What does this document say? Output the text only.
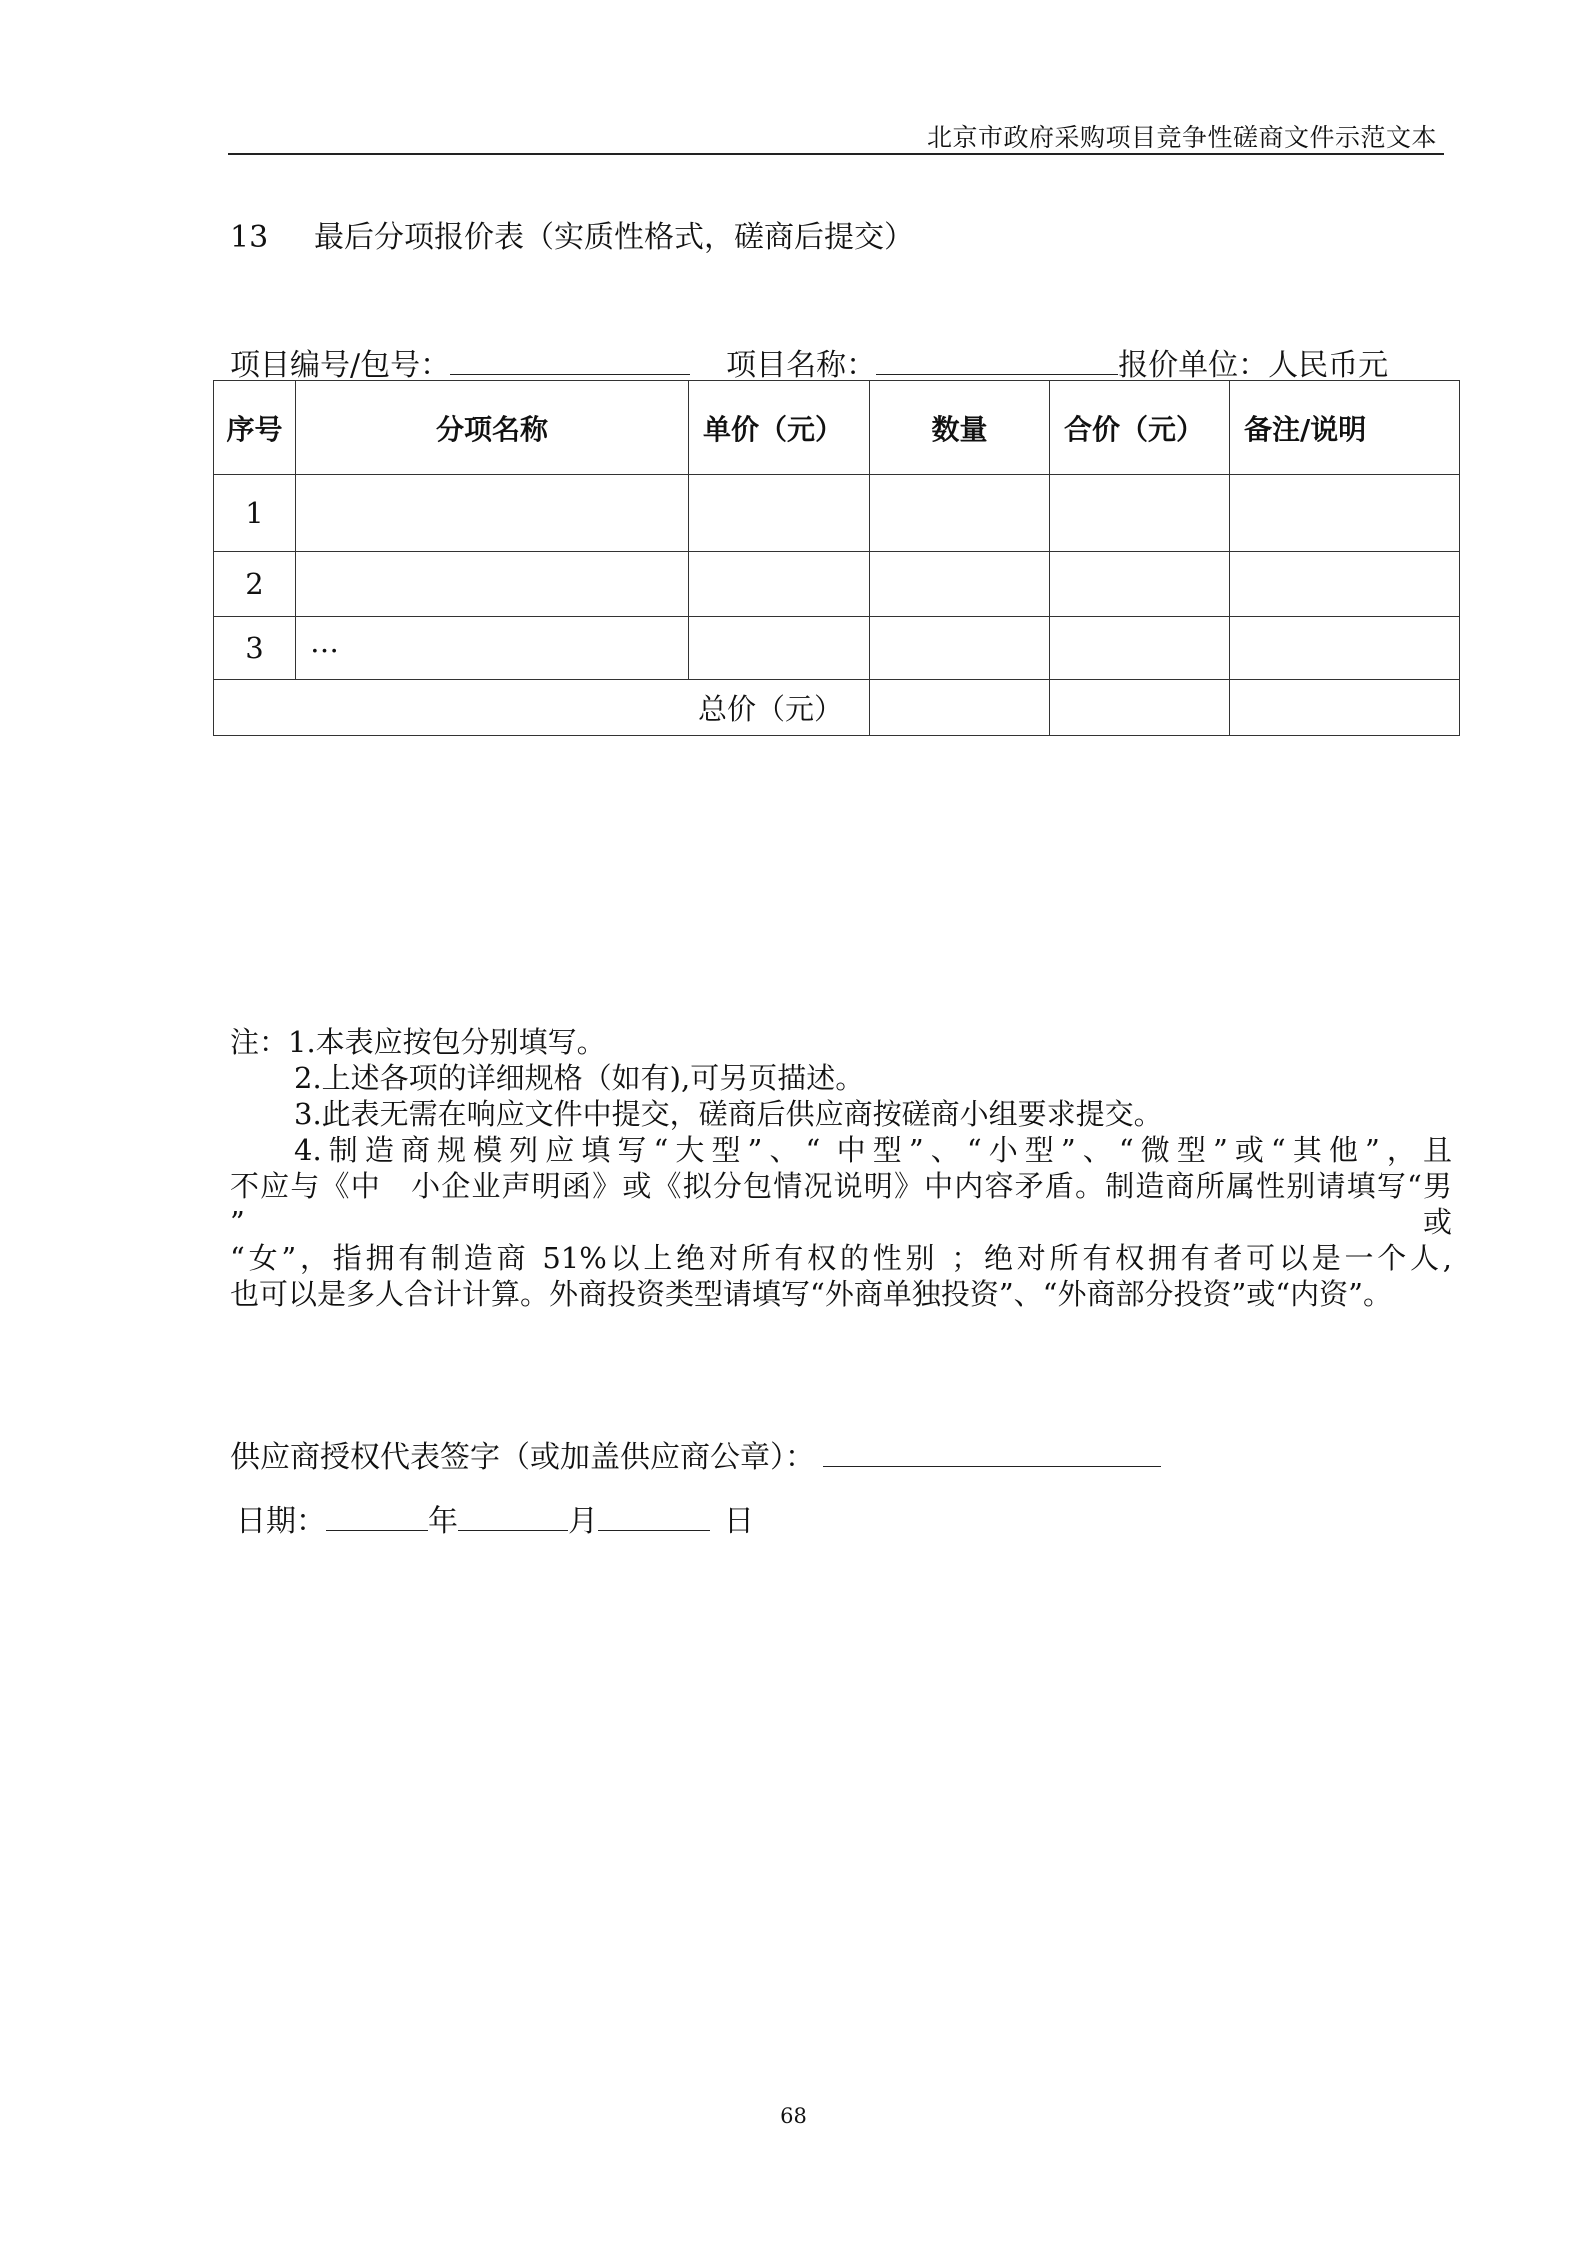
北京市政府采购项目竞争性磋商文件示范文本
13 最后分项报价表（实质性格式，磋商后提交）
项目编号/包号：	项目名称：	报价单位：人民币元
序号	分项名称	单价（元）	数量	合价（元）	备注/说明
1					
2					
3	…				
总价（元）					

注：1.本表应按包分别填写。

2.上述各项的详细规格（如有),可另页描述。

3.此表无需在响应文件中提交，磋商后供应商按磋商小组要求提交。

4.制造商规模列应填写“大型”、“ 中型”、“小型”、“微型”或“其他”，且

不应与《中　小企业声明函》或《拟分包情况说明》中内容矛盾。制造商所属性别请填写“男 ”或

“女”，指拥有制造商 51%以上绝对所有权的性别 ；绝对所有权拥有者可以是一个人,

也可以是多人合计计算。外商投资类型请填写“外商单独投资”、“外商部分投资”或“内资”。

供应商授权代表签字（或加盖供应商公章）：
日期：	年	月	日
68
